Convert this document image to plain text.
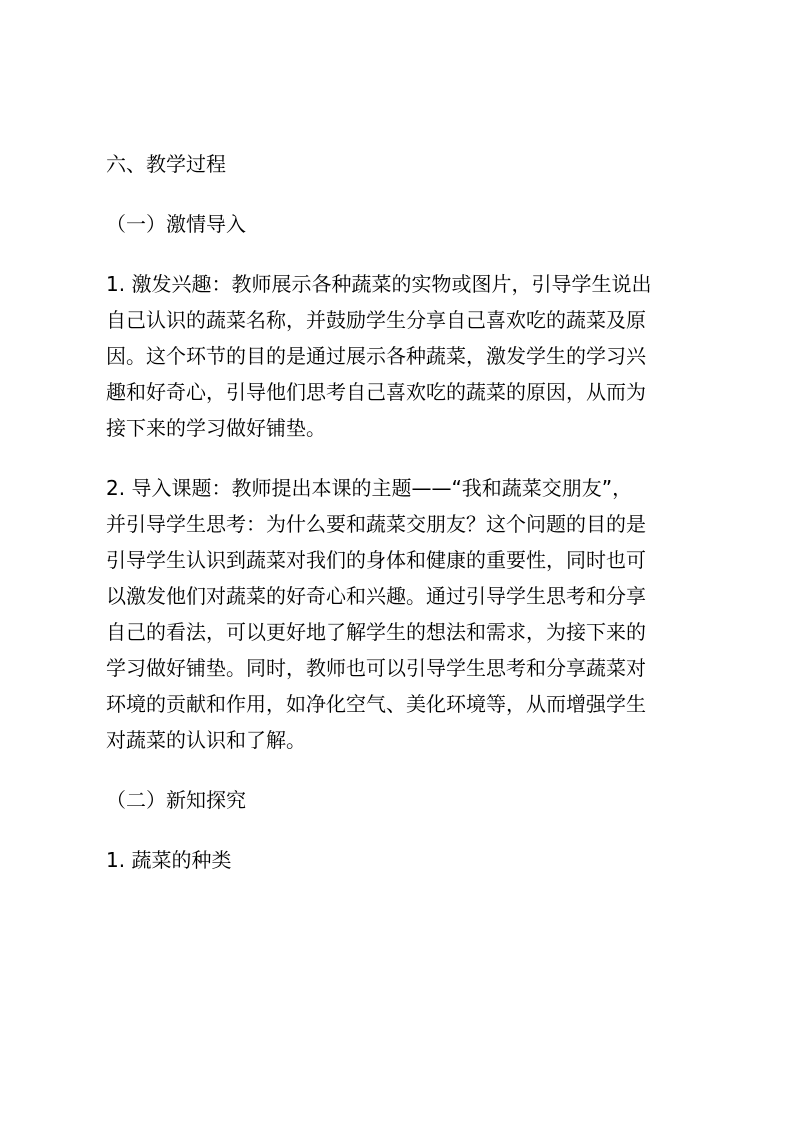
六、教学过程
（一）激情导入
1. 激发兴趣：教师展示各种蔬菜的实物或图片，引导学生说出
自己认识的蔬菜名称，并鼓励学生分享自己喜欢吃的蔬菜及原
因。这个环节的目的是通过展示各种蔬菜，激发学生的学习兴
趣和好奇心，引导他们思考自己喜欢吃的蔬菜的原因，从而为
接下来的学习做好铺垫。
2. 导入课题：教师提出本课的主题——“我和蔬菜交朋友”，
并引导学生思考：为什么要和蔬菜交朋友？这个问题的目的是
引导学生认识到蔬菜对我们的身体和健康的重要性，同时也可
以激发他们对蔬菜的好奇心和兴趣。通过引导学生思考和分享
自己的看法，可以更好地了解学生的想法和需求，为接下来的
学习做好铺垫。同时，教师也可以引导学生思考和分享蔬菜对
环境的贡献和作用，如净化空气、美化环境等，从而增强学生
对蔬菜的认识和了解。
（二）新知探究
1. 蔬菜的种类
